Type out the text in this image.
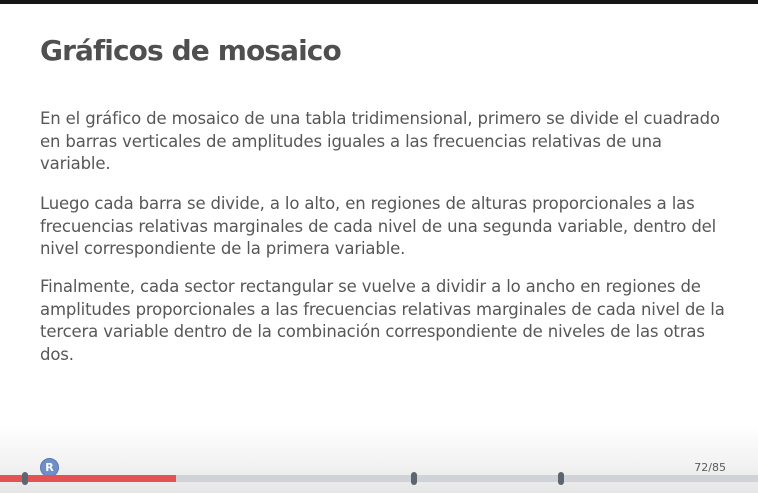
Gráficos de mosaico

En el gráfico de mosaico de una tabla tridimensional, primero se divide el cuadrado en barras verticales de amplitudes iguales a las frecuencias relativas de una variable.

Luego cada barra se divide, a lo alto, en regiones de alturas proporcionales a las frecuencias relativas marginales de cada nivel de una segunda variable, dentro del nivel correspondiente de la primera variable.

Finalmente, cada sector rectangular se vuelve a dividir a lo ancho en regiones de amplitudes proporcionales a las frecuencias relativas marginales de cada nivel de la tercera variable dentro de la combinación correspondiente de niveles de las otras dos.

R	72/85
